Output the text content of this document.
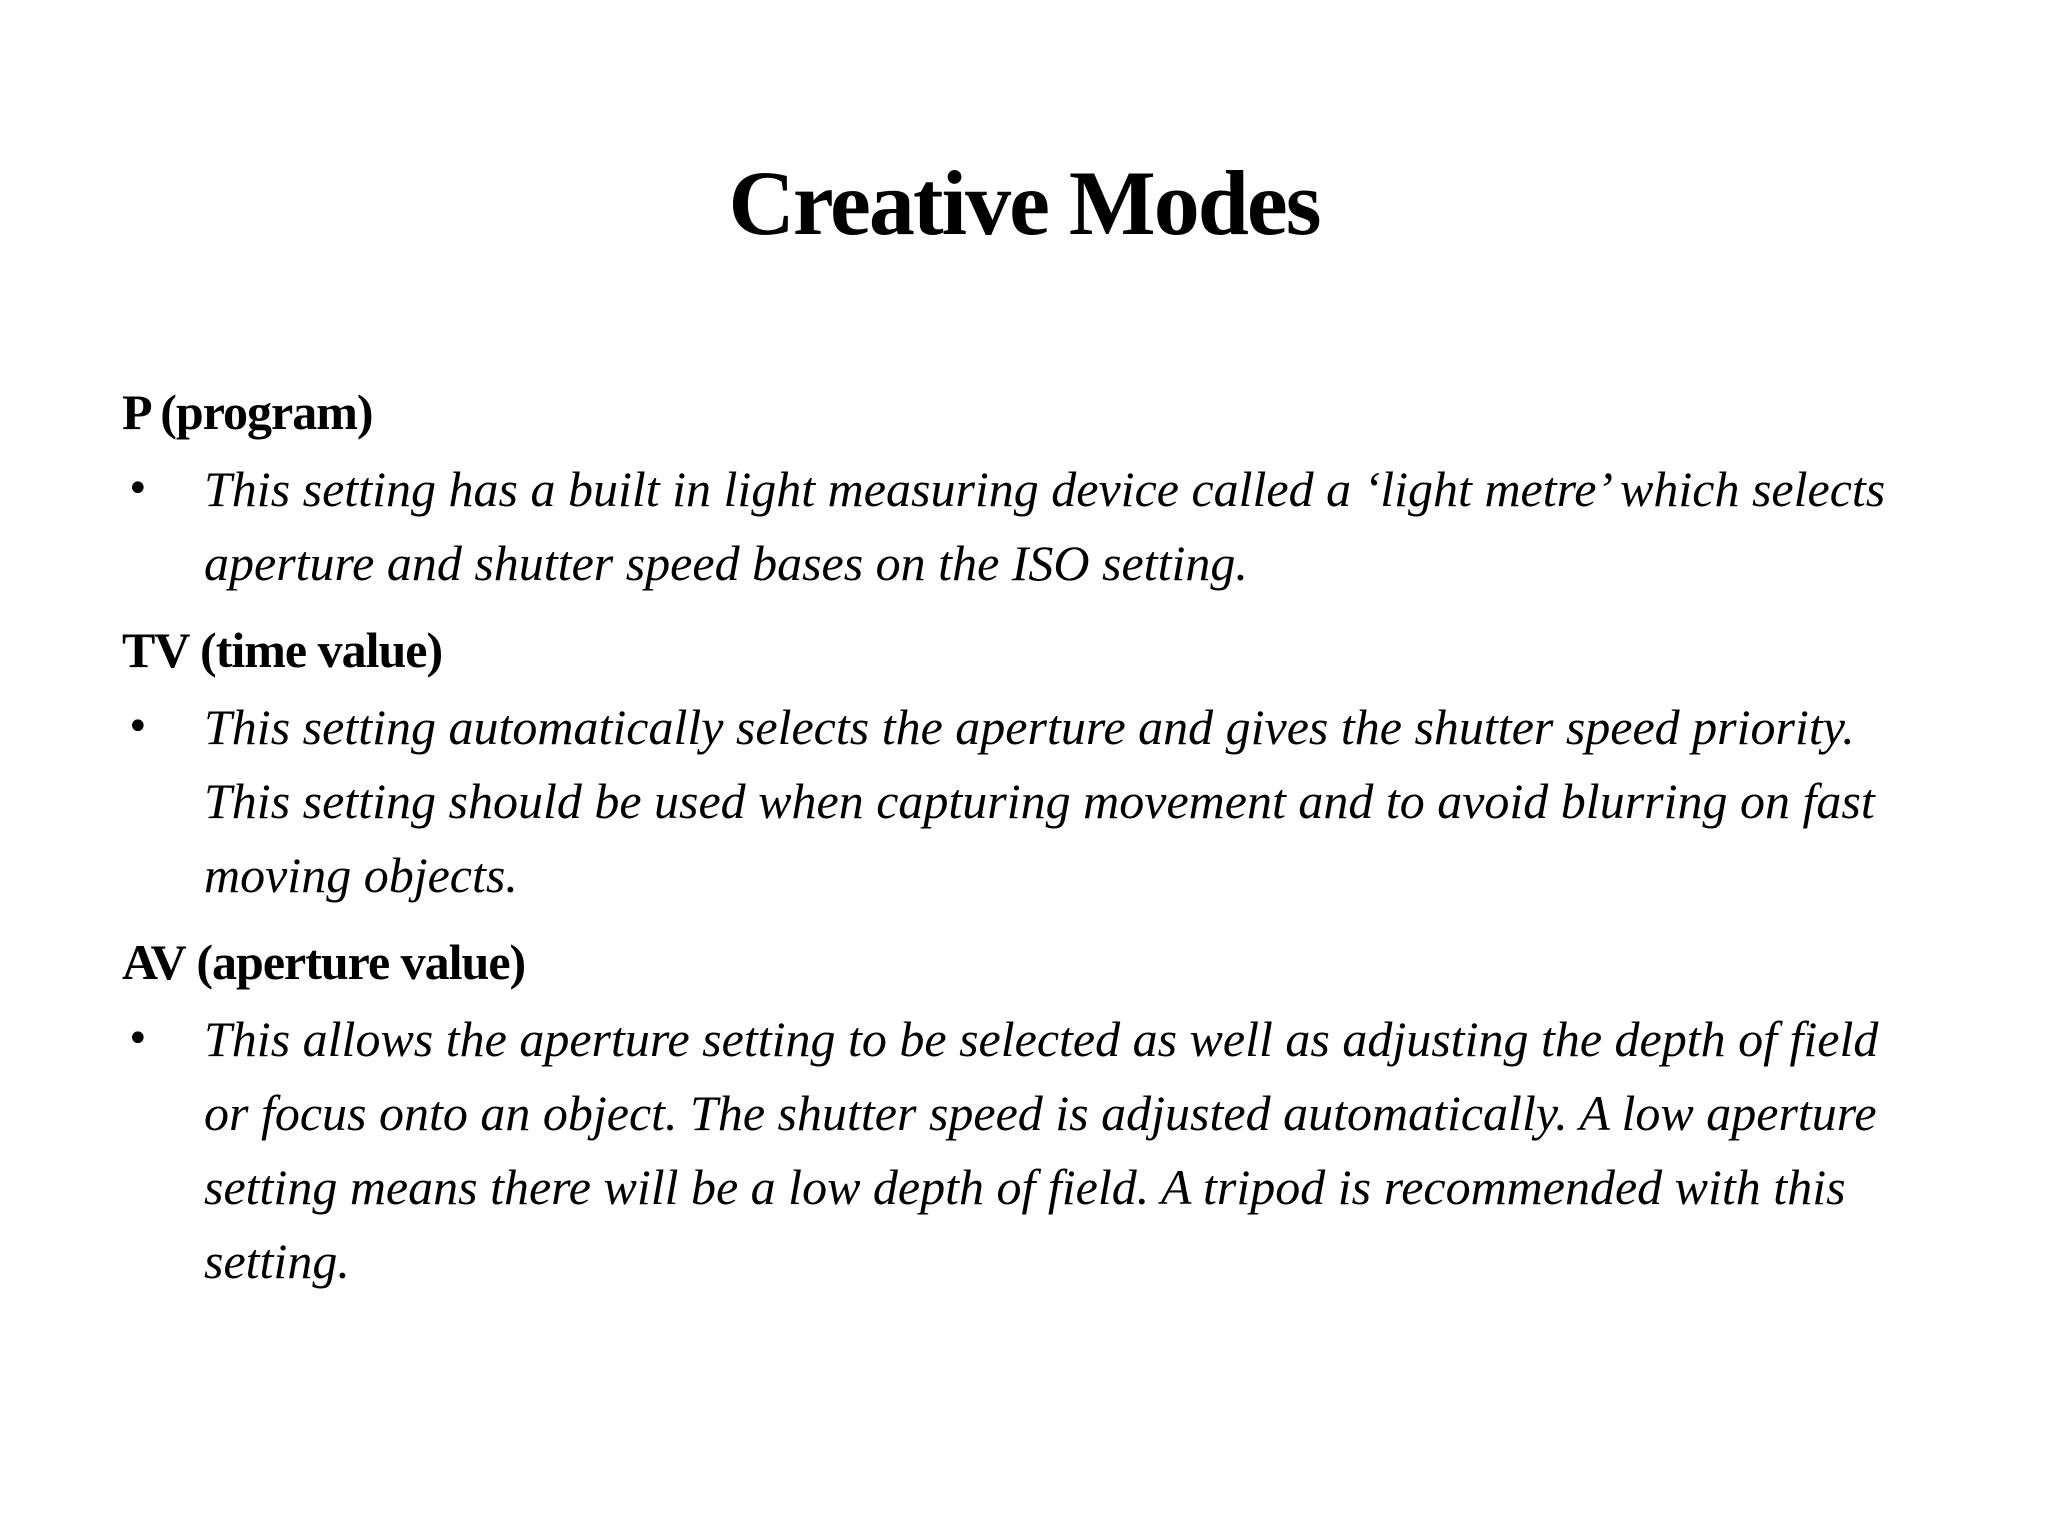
Creative Modes
P (program)
•	This setting has a built in light measuring device called a ‘light metre’ which selects aperture and shutter speed bases on the ISO setting.
TV (time value)
•	This setting automatically selects the aperture and gives the shutter speed priority. This setting should be used when capturing movement and to avoid blurring on fast moving objects.
AV (aperture value)
•	This allows the aperture setting to be selected as well as adjusting the depth of field or focus onto an object. The shutter speed is adjusted automatically. A low aperture setting means there will be a low depth of field. A tripod is recommended with this setting.
